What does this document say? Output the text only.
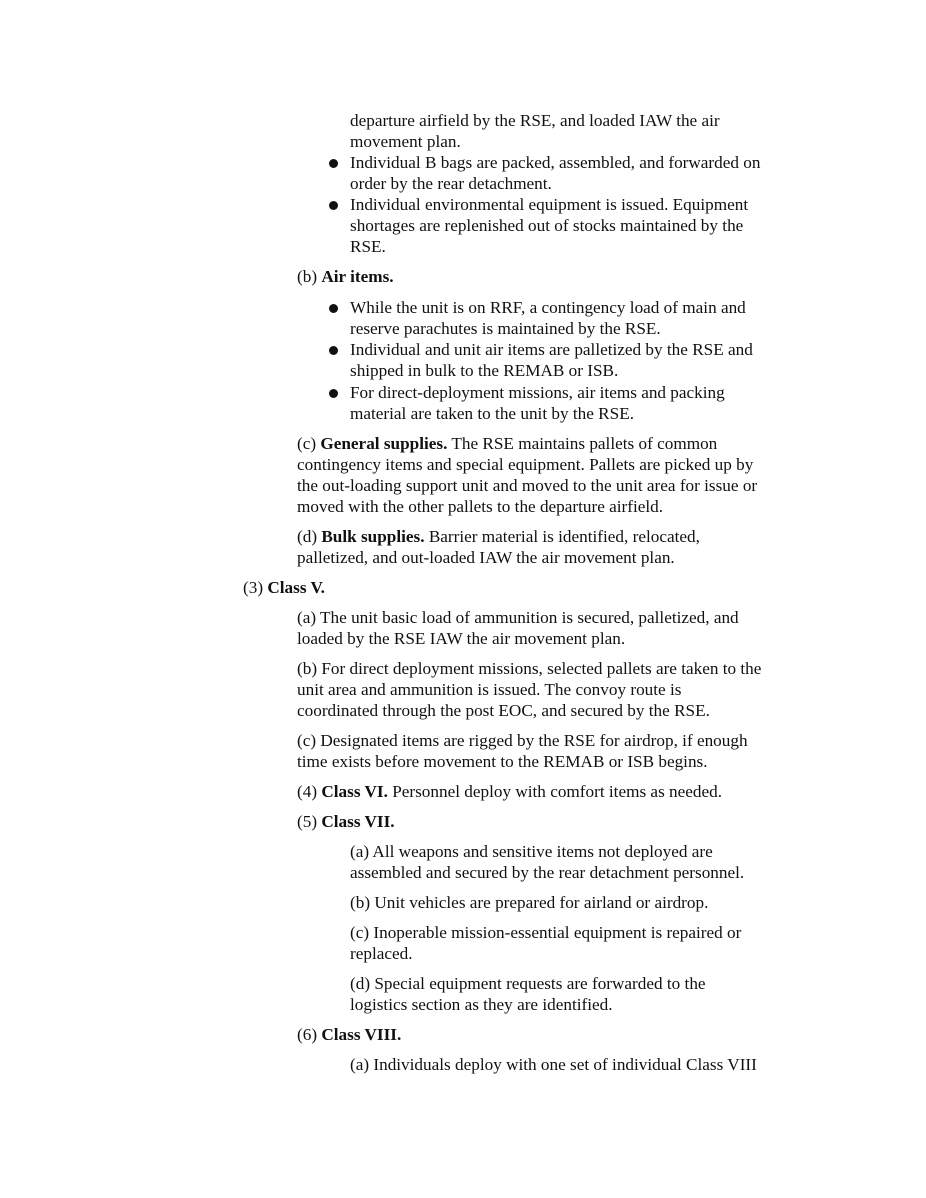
departure airfield by the RSE, and loaded IAW the air
movement plan.
Individual B bags are packed, assembled, and forwarded on
order by the rear detachment.
Individual environmental equipment is issued. Equipment
shortages are replenished out of stocks maintained by the
RSE.
(b) Air items.
While the unit is on RRF, a contingency load of main and
reserve parachutes is maintained by the RSE.
Individual and unit air items are palletized by the RSE and
shipped in bulk to the REMAB or ISB.
For direct-deployment missions, air items and packing
material are taken to the unit by the RSE.
(c) General supplies. The RSE maintains pallets of common
contingency items and special equipment. Pallets are picked up by
the out-loading support unit and moved to the unit area for issue or
moved with the other pallets to the departure airfield.
(d) Bulk supplies. Barrier material is identified, relocated,
palletized, and out-loaded IAW the air movement plan.
(3) Class V.
(a) The unit basic load of ammunition is secured, palletized, and
loaded by the RSE IAW the air movement plan.
(b) For direct deployment missions, selected pallets are taken to the
unit area and ammunition is issued. The convoy route is
coordinated through the post EOC, and secured by the RSE.
(c) Designated items are rigged by the RSE for airdrop, if enough
time exists before movement to the REMAB or ISB begins.
(4) Class VI. Personnel deploy with comfort items as needed.
(5) Class VII.
(a) All weapons and sensitive items not deployed are
assembled and secured by the rear detachment personnel.
(b) Unit vehicles are prepared for airland or airdrop.
(c) Inoperable mission-essential equipment is repaired or
replaced.
(d) Special equipment requests are forwarded to the
logistics section as they are identified.
(6) Class VIII.
(a) Individuals deploy with one set of individual Class VIII
